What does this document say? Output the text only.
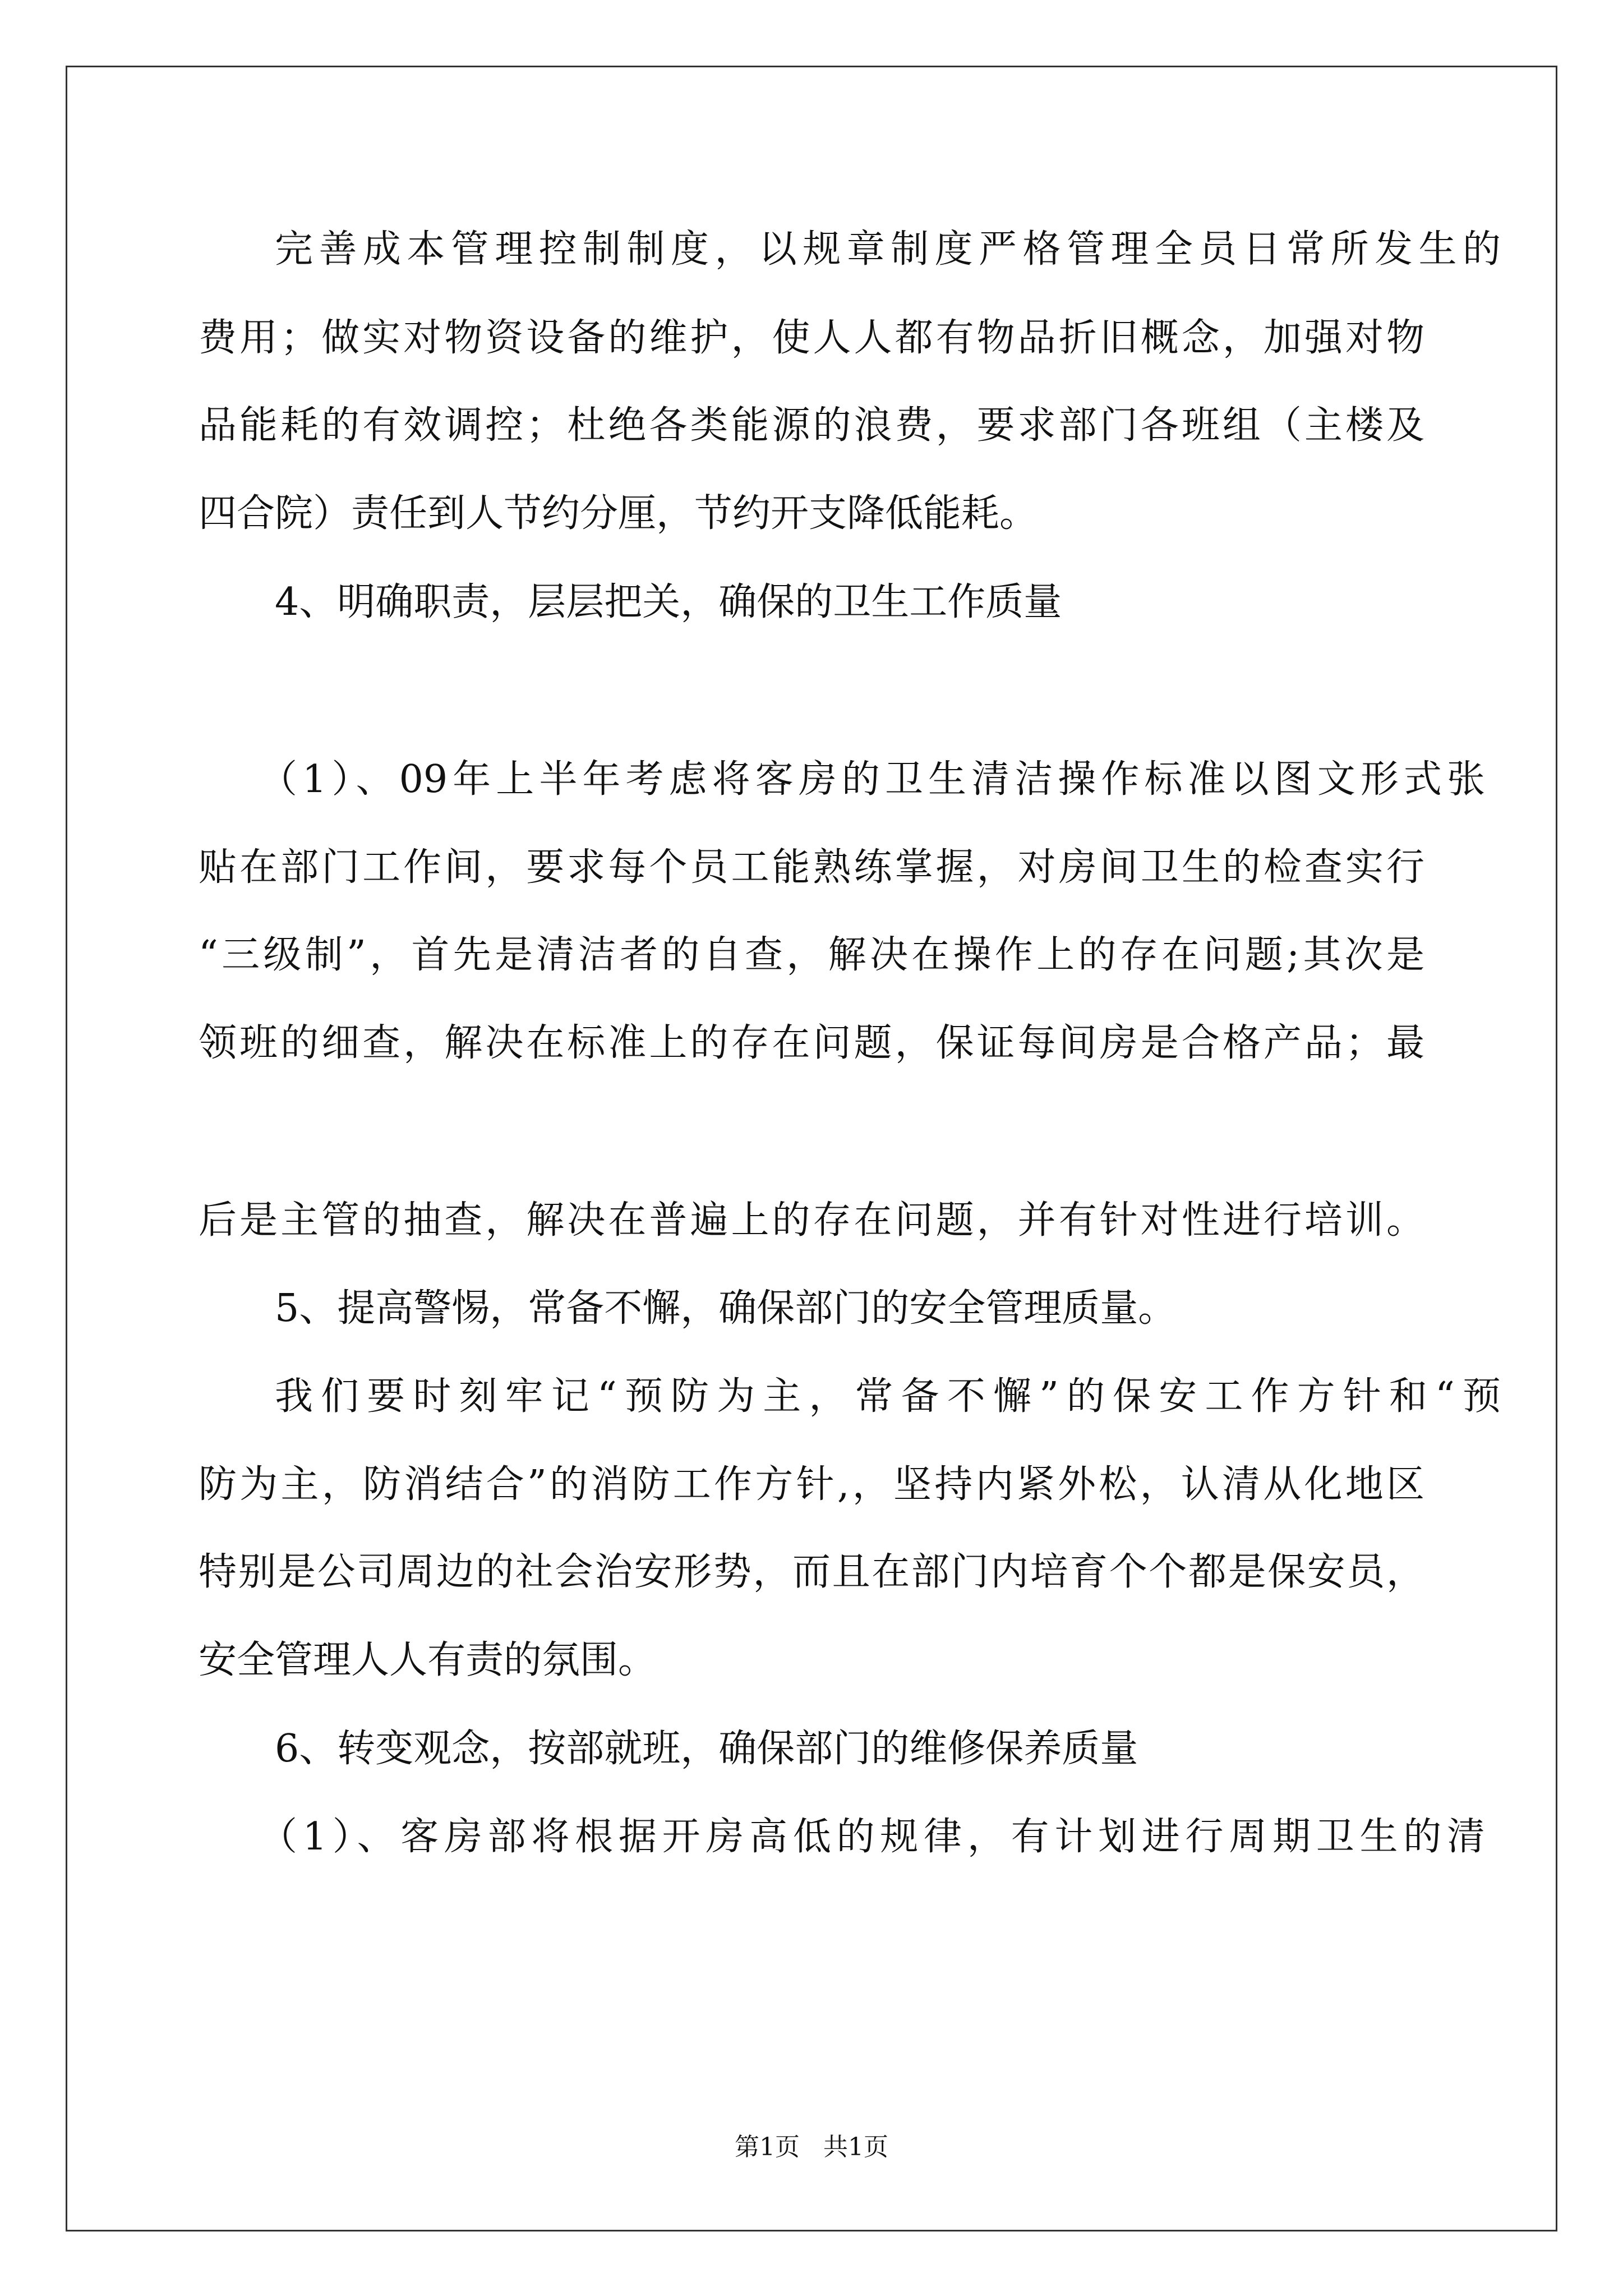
完善成本管理控制制度，以规章制度严格管理全员日常所发生的
费用；做实对物资设备的维护，使人人都有物品折旧概念，加强对物
品能耗的有效调控；杜绝各类能源的浪费，要求部门各班组（主楼及
四合院）责任到人节约分厘，节约开支降低能耗。
4、明确职责，层层把关，确保的卫生工作质量
（1）、09年上半年考虑将客房的卫生清洁操作标准以图文形式张
贴在部门工作间，要求每个员工能熟练掌握，对房间卫生的检查实行
“三级制”，首先是清洁者的自查，解决在操作上的存在问题;其次是
领班的细查，解决在标准上的存在问题，保证每间房是合格产品；最
后是主管的抽查，解决在普遍上的存在问题，并有针对性进行培训。
5、提高警惕，常备不懈，确保部门的安全管理质量。
我们要时刻牢记“预防为主，常备不懈”的保安工作方针和“预
防为主，防消结合”的消防工作方针,，坚持内紧外松，认清从化地区
特别是公司周边的社会治安形势，而且在部门内培育个个都是保安员，
安全管理人人有责的氛围。
6、转变观念，按部就班，确保部门的维修保养质量
（1）、客房部将根据开房高低的规律，有计划进行周期卫生的清
第1页   共1页
